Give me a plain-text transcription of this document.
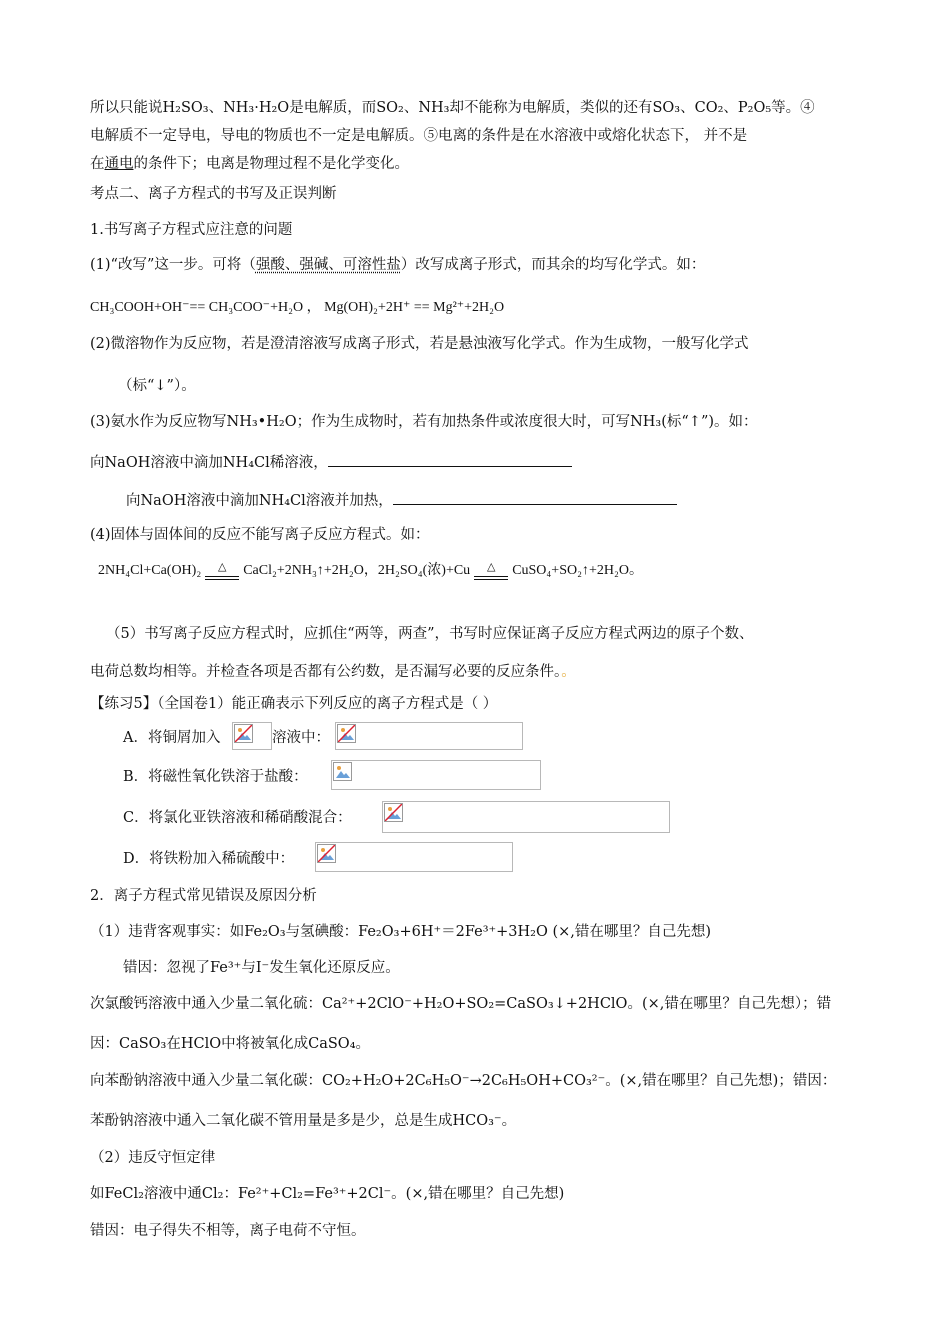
所以只能说H₂SO₃、NH₃·H₂O是电解质，而SO₂、NH₃却不能称为电解质，类似的还有SO₃、CO₂、P₂O₅等。④
电解质不一定导电，导电的物质也不一定是电解质。⑤电离的条件是在水溶液中或熔化状态下， 并不是
在通电的条件下；电离是物理过程不是化学变化。
考点二、离子方程式的书写及正误判断
1.书写离子方程式应注意的问题
(1)“改写”这一步。可将（强酸、强碱、可溶性盐）改写成离子形式，而其余的均写化学式。如：
CH₃COOH+OH⁻== CH₃COO⁻+H₂O ， Mg(OH)₂+2H⁺ == Mg²⁺+2H₂O
(2)微溶物作为反应物，若是澄清溶液写成离子形式，若是悬浊液写化学式。作为生成物，一般写化学式
（标“↓”）。
(3)氨水作为反应物写NH₃•H₂O；作为生成物时，若有加热条件或浓度很大时，可写NH₃(标“↑”)。如：
向NaOH溶液中滴加NH₄Cl稀溶液，
向NaOH溶液中滴加NH₄Cl溶液并加热，
(4)固体与固体间的反应不能写离子反应方程式。如：
2NH₄Cl+Ca(OH)₂	△	CaCl₂+2NH₃↑+2H₂O，2H₂SO₄(浓)+Cu	△	CuSO₄+SO₂↑+2H₂O。
（5）书写离子反应方程式时，应抓住“两等，两查”，书写时应保证离子反应方程式两边的原子个数、
电荷总数均相等。并检查各项是否都有公约数，是否漏写必要的反应条件。。
【练习5】（全国卷1）能正确表示下列反应的离子方程式是（ ）
A．将铜屑加入	溶液中：
B．将磁性氧化铁溶于盐酸：
C．将氯化亚铁溶液和稀硝酸混合：
D．将铁粉加入稀硫酸中：
2．离子方程式常见错误及原因分析
（1）违背客观事实：如Fe₂O₃与氢碘酸：Fe₂O₃+6H⁺＝2Fe³⁺+3H₂O (×,错在哪里？自己先想)
错因：忽视了Fe³⁺与I⁻发生氧化还原反应。
次氯酸钙溶液中通入少量二氧化硫：Ca²⁺+2ClO⁻+H₂O+SO₂=CaSO₃↓+2HClO。(×,错在哪里？自己先想）；错
因：CaSO₃在HClO中将被氧化成CaSO₄。
向苯酚钠溶液中通入少量二氧化碳：CO₂+H₂O+2C₆H₅O⁻→2C₆H₅OH+CO₃²⁻。(×,错在哪里？自己先想)；错因：
苯酚钠溶液中通入二氧化碳不管用量是多是少，总是生成HCO₃⁻。
（2）违反守恒定律
如FeCl₂溶液中通Cl₂：Fe²⁺+Cl₂=Fe³⁺+2Cl⁻。(×,错在哪里？自己先想)
错因：电子得失不相等，离子电荷不守恒。
